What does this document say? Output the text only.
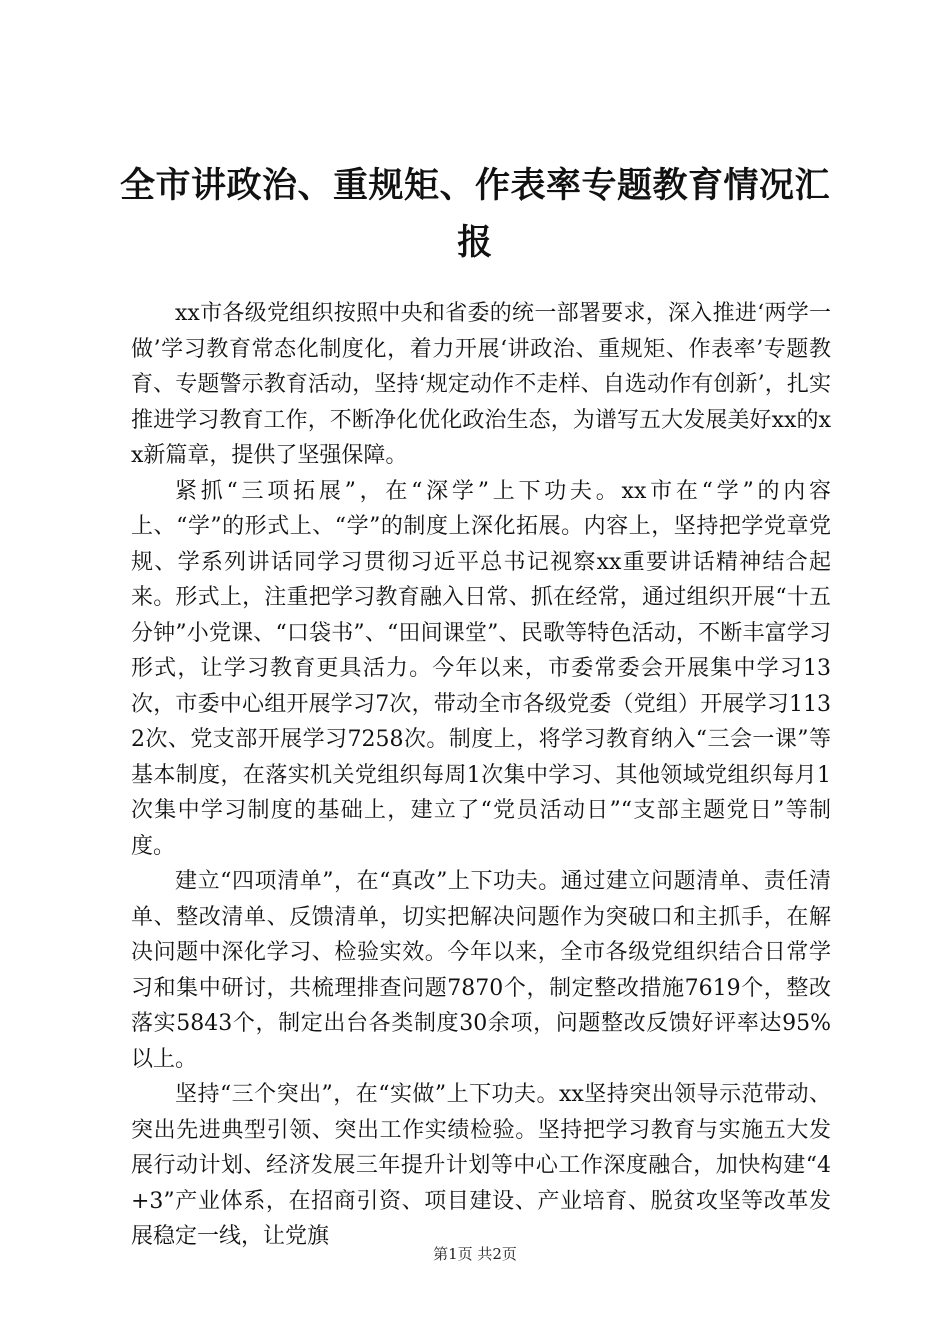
全市讲政治、重规矩、作表率专题教育情况汇报

xx市各级党组织按照中央和省委的统一部署要求，深入推进‘两学一做’学习教育常态化制度化，着力开展‘讲政治、重规矩、作表率’专题教育、专题警示教育活动，坚持‘规定动作不走样、自选动作有创新’，扎实推进学习教育工作，不断净化优化政治生态，为谱写五大发展美好xx的xx新篇章，提供了坚强保障。

紧抓“三项拓展”，在“深学”上下功夫。xx市在“学”的内容上、“学”的形式上、“学”的制度上深化拓展。内容上，坚持把学党章党规、学系列讲话同学习贯彻习近平总书记视察xx重要讲话精神结合起来。形式上，注重把学习教育融入日常、抓在经常，通过组织开展“十五分钟”小党课、“口袋书”、“田间课堂”、民歌等特色活动，不断丰富学习形式，让学习教育更具活力。今年以来，市委常委会开展集中学习13次，市委中心组开展学习7次，带动全市各级党委（党组）开展学习1132次、党支部开展学习7258次。制度上，将学习教育纳入“三会一课”等基本制度，在落实机关党组织每周1次集中学习、其他领域党组织每月1次集中学习制度的基础上，建立了“党员活动日”“支部主题党日”等制度。

建立“四项清单”，在“真改”上下功夫。通过建立问题清单、责任清单、整改清单、反馈清单，切实把解决问题作为突破口和主抓手，在解决问题中深化学习、检验实效。今年以来，全市各级党组织结合日常学习和集中研讨，共梳理排查问题7870个，制定整改措施7619个，整改落实5843个，制定出台各类制度30余项，问题整改反馈好评率达95%以上。

坚持“三个突出”，在“实做”上下功夫。xx坚持突出领导示范带动、突出先进典型引领、突出工作实绩检验。坚持把学习教育与实施五大发展行动计划、经济发展三年提升计划等中心工作深度融合，加快构建“4+3”产业体系，在招商引资、项目建设、产业培育、脱贫攻坚等改革发展稳定一线，让党旗

第1页 共2页
